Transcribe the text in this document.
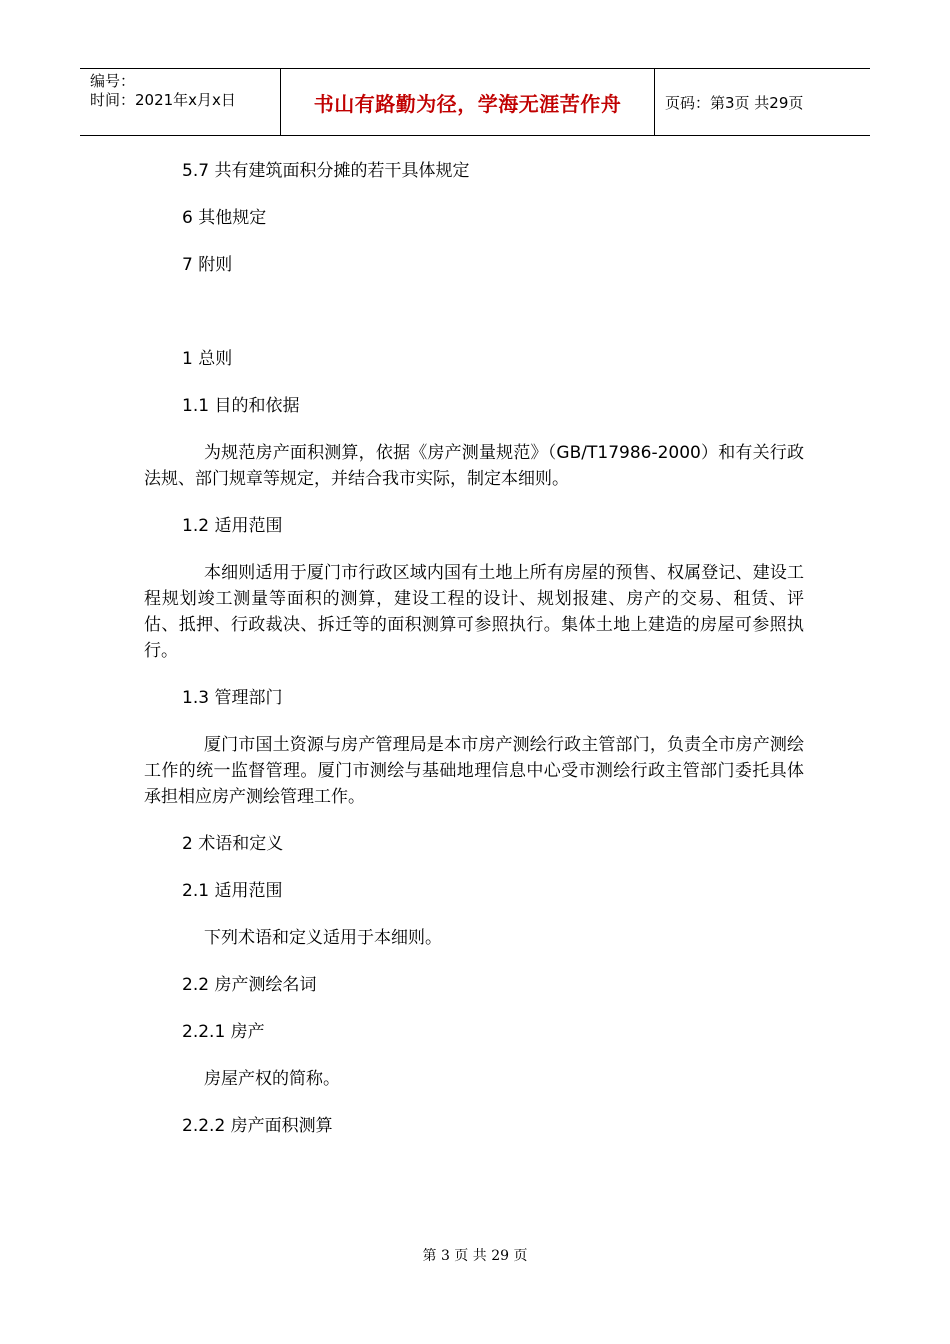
编号：
时间：2021年x月x日	书山有路勤为径，学海无涯苦作舟	页码：第3页 共29页
5.7 共有建筑面积分摊的若干具体规定
6 其他规定
7 附则
1 总则
1.1 目的和依据

为规范房产面积测算，依据《房产测量规范》（GB/T17986-2000）和有关行政法规、部门规章等规定，并结合我市实际，制定本细则。

1.2 适用范围

本细则适用于厦门市行政区域内国有土地上所有房屋的预售、权属登记、建设工程规划竣工测量等面积的测算，建设工程的设计、规划报建、房产的交易、租赁、评估、抵押、行政裁决、拆迁等的面积测算可参照执行。集体土地上建造的房屋可参照执行。

1.3 管理部门

厦门市国土资源与房产管理局是本市房产测绘行政主管部门，负责全市房产测绘工作的统一监督管理。厦门市测绘与基础地理信息中心受市测绘行政主管部门委托具体承担相应房产测绘管理工作。

2 术语和定义
2.1 适用范围

下列术语和定义适用于本细则。

2.2 房产测绘名词
2.2.1 房产

房屋产权的简称。

2.2.2 房产面积测算
第 3 页 共 29 页
